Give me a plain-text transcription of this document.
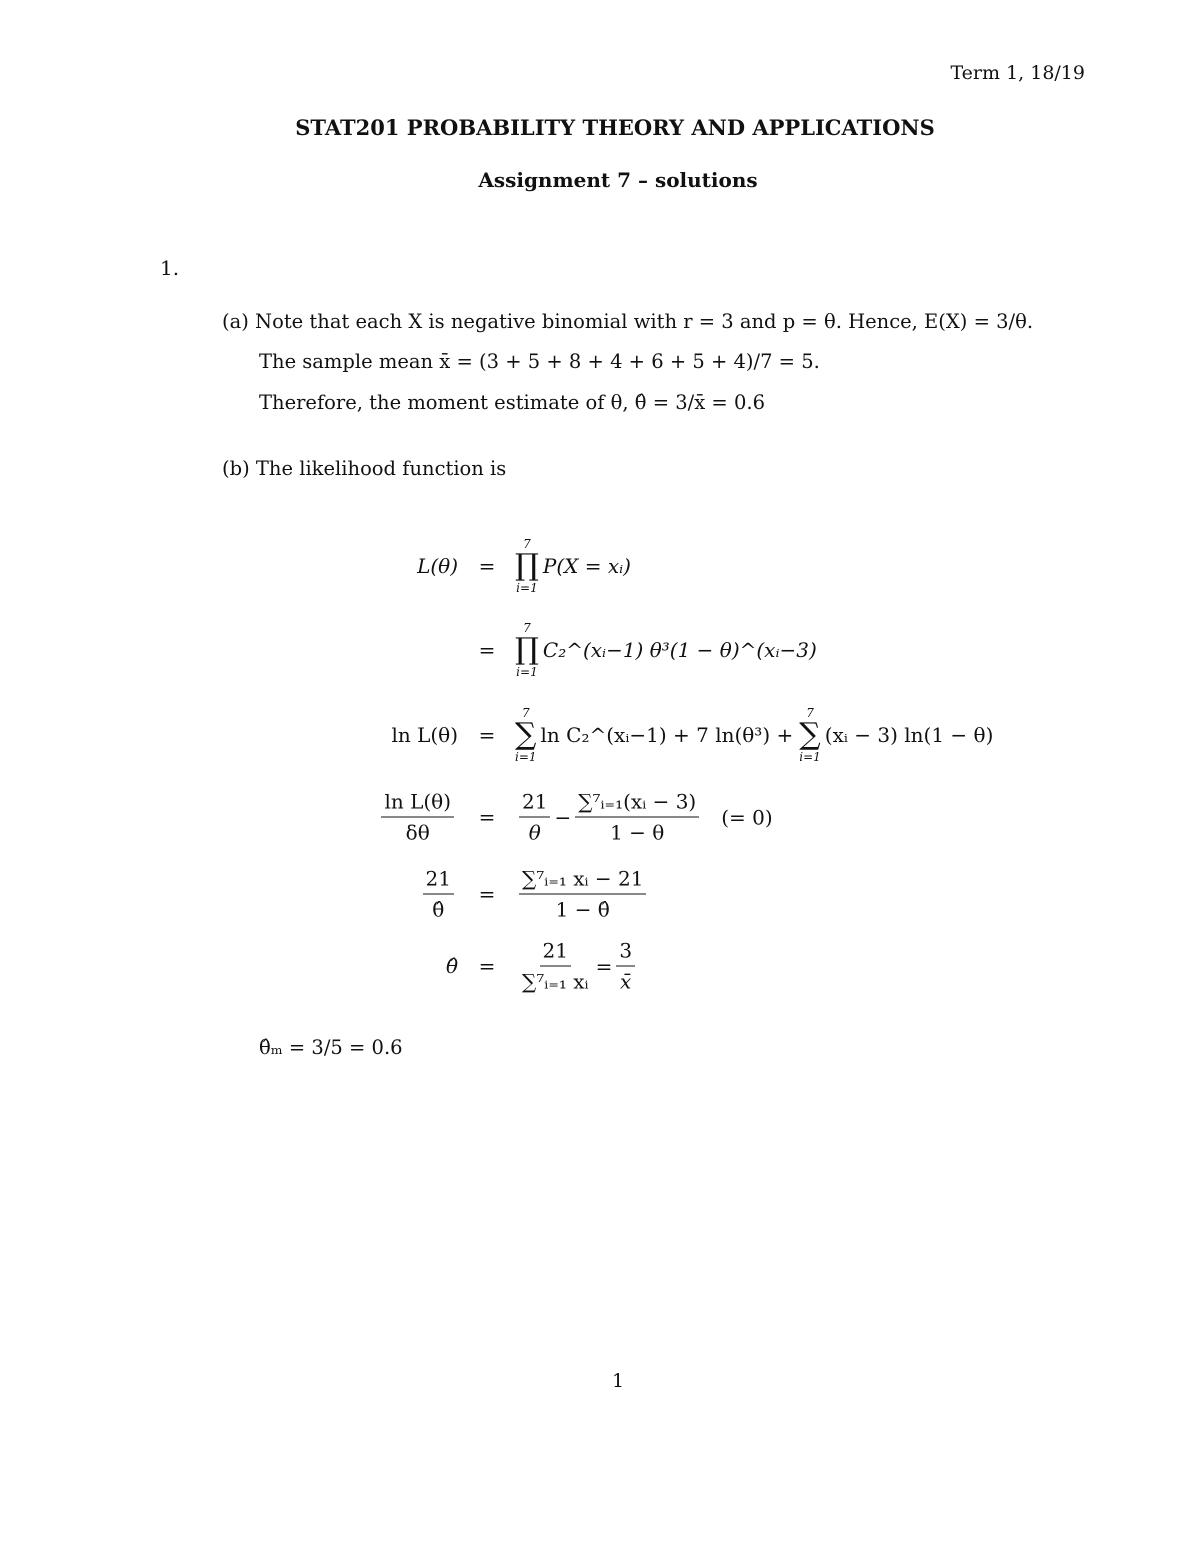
Term 1, 18/19
STAT201 PROBABILITY THEORY AND APPLICATIONS
Assignment 7 – solutions
1.
(a) Note that each X is negative binomial with r = 3 and p = θ. Hence, E(X) = 3/θ.
The sample mean x̄ = (3 + 5 + 8 + 4 + 6 + 5 + 4)/7 = 5.
Therefore, the moment estimate of θ, θ̂ = 3/x̄ = 0.6
(b) The likelihood function is
L(θ) =
7
∏
i=1
P(X = xᵢ)
=
7
∏
i=1
C₂^(xᵢ−1) θ³(1 − θ)^(xᵢ−3)
ln L(θ) =
7
∑
i=1
ln C₂^(xᵢ−1) + 7 ln(θ³) +
7
∑
i=1
(xᵢ − 3) ln(1 − θ)
$\frac{\text{ln L(θ)}}{\delta\theta} = \frac{21}{\theta} - \frac{\text{∑⁷ᵢ₌₁(xᵢ − 3)}}{1 - \theta}$ (= 0)
$\frac{21}{\thetâ} = \frac{\text{∑⁷ᵢ₌₁ xᵢ − 21}}{1 - \thetâ}$
θ̂ = $\frac{21}{\text{∑⁷ᵢ₌₁ xᵢ}} = \frac{3}{x̄}$
θ̂ₘ = 3/5 = 0.6
1
